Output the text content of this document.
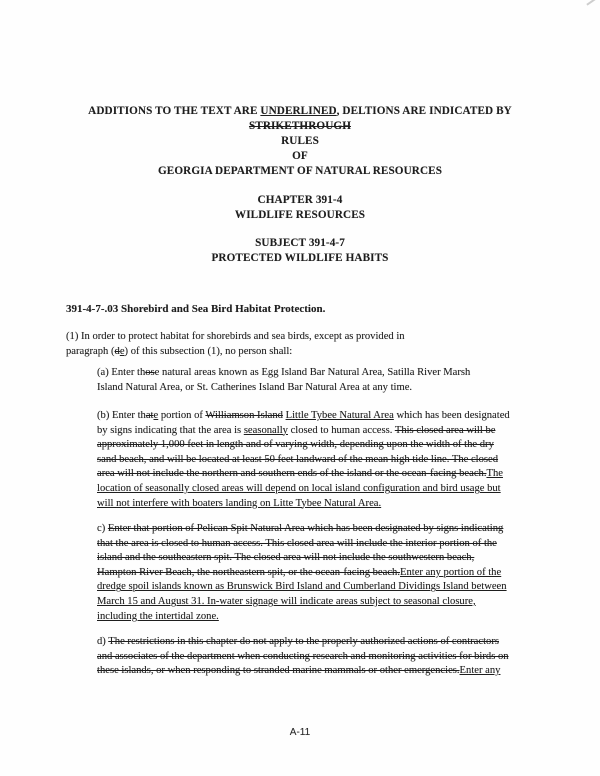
ADDITIONS TO THE TEXT ARE UNDERLINED, DELTIONS ARE INDICATED BY
STRIKETHROUGH
RULES
OF
GEORGIA DEPARTMENT OF NATURAL RESOURCES
CHAPTER 391-4
WILDLIFE RESOURCES
SUBJECT 391-4-7
PROTECTED WILDLIFE HABITS
391-4-7-.03 Shorebird and Sea Bird Habitat Protection.
(1) In order to protect habitat for shorebirds and sea birds, except as provided in
paragraph (de) of this subsection (1), no person shall:
(a) Enter those natural areas known as Egg Island Bar Natural Area, Satilla River Marsh
Island Natural Area, or St. Catherines Island Bar Natural Area at any time.
(b) Enter thate portion of Williamson Island Little Tybee Natural Area which has been designated
by signs indicating that the area is seasonally closed to human access. This closed area will be
approximately 1,000 feet in length and of varying width, depending upon the width of the dry
sand beach, and will be located at least 50 feet landward of the mean high tide line. The closed
area will not include the northern and southern ends of the island or the ocean-facing beach.The
location of seasonally closed areas will depend on local island configuration and bird usage but
will not interfere with boaters landing on Litte Tybee Natural Area.
c) Enter that portion of Pelican Spit Natural Area which has been designated by signs indicating
that the area is closed to human access. This closed area will include the interior portion of the
island and the southeastern spit. The closed area will not include the southwestern beach,
Hampton River Beach, the northeastern spit, or the ocean-facing beach.Enter any portion of the
dredge spoil islands known as Brunswick Bird Island and Cumberland Dividings Island between
March 15 and August 31. In-water signage will indicate areas subject to seasonal closure,
including the intertidal zone.
d) The restrictions in this chapter do not apply to the properly authorized actions of contractors
and associates of the department when conducting research and monitoring activities for birds on
these islands, or when responding to stranded marine mammals or other emergencies.Enter any
A-11
